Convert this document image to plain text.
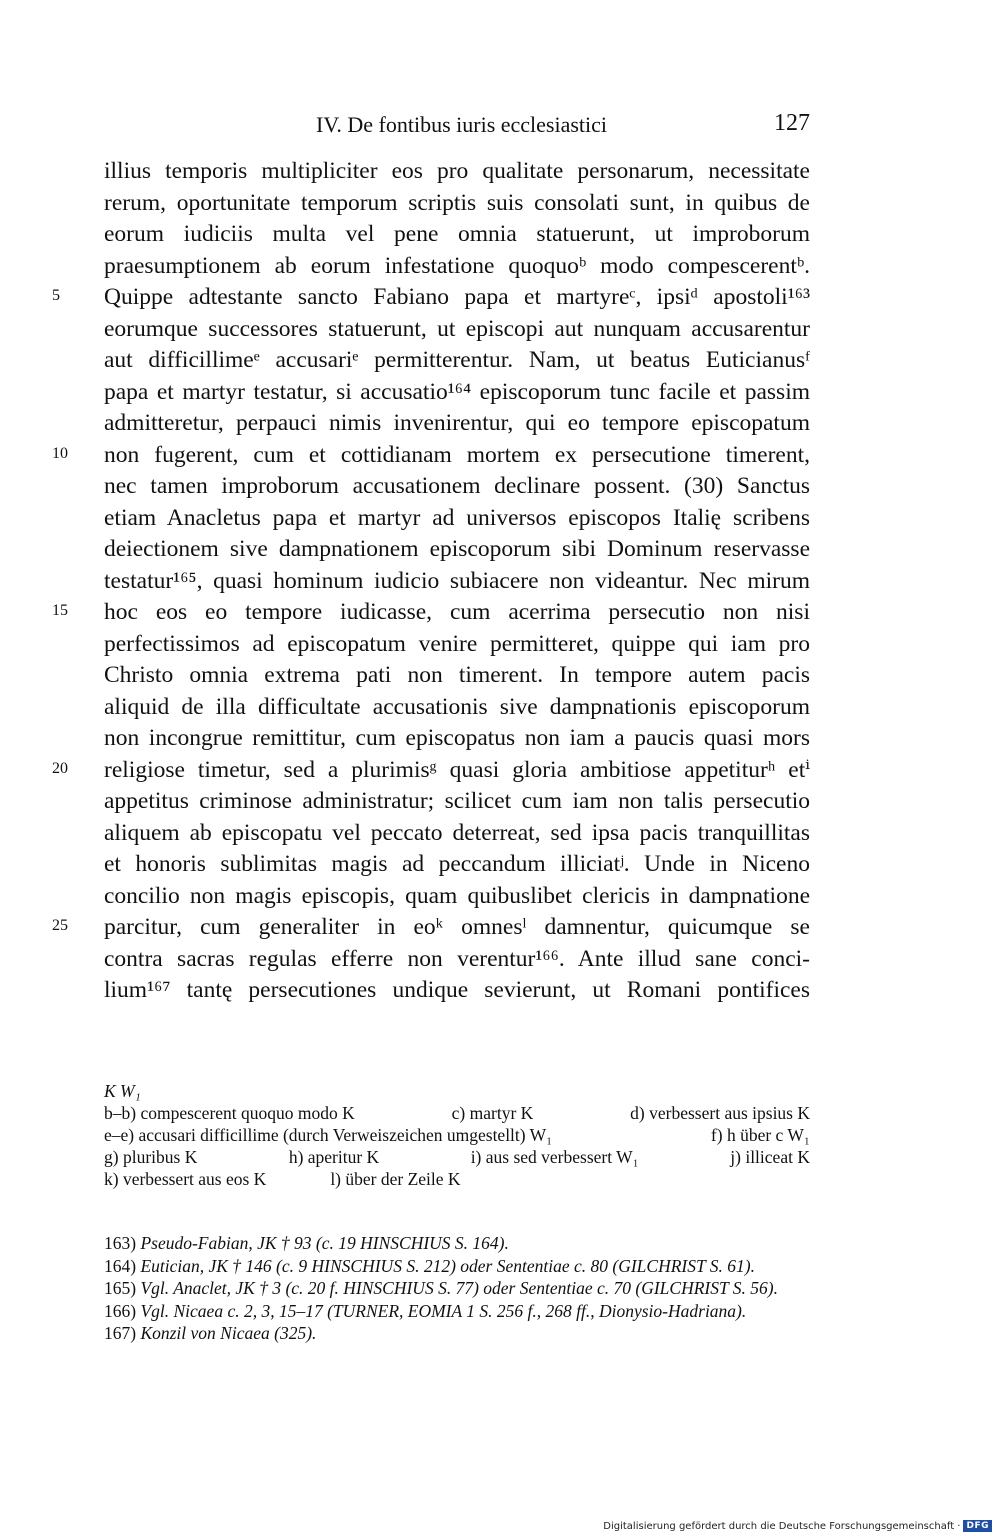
IV. De fontibus iuris ecclesiastici	127
5
10
15
20
25
illius temporis multipliciter eos pro qualitate personarum, necessitate
rerum, oportunitate temporum scriptis suis consolati sunt, in quibus de
eorum iudiciis multa vel pene omnia statuerunt, ut improborum
praesumptionem ab eorum infestatione quoquoᵇ modo compescerentᵇ.
Quippe adtestante sancto Fabiano papa et martyreᶜ, ipsiᵈ apostoli¹⁶³
eorumque successores statuerunt, ut episcopi aut nunquam accusarentur
aut difficillimeᵉ accusariᵉ permitterentur. Nam, ut beatus Euticianusᶠ
papa et martyr testatur, si accusatio¹⁶⁴ episcoporum tunc facile et passim
admitteretur, perpauci nimis invenirentur, qui eo tempore episcopatum
non fugerent, cum et cottidianam mortem ex persecutione timerent,
nec tamen improborum accusationem declinare possent. (30) Sanctus
etiam Anacletus papa et martyr ad universos episcopos Italię scribens
deiectionem sive dampnationem episcoporum sibi Dominum reservasse
testatur¹⁶⁵, quasi hominum iudicio subiacere non videantur. Nec mirum
hoc eos eo tempore iudicasse, cum acerrima persecutio non nisi
perfectissimos ad episcopatum venire permitteret, quippe qui iam pro
Christo omnia extrema pati non timerent. In tempore autem pacis
aliquid de illa difficultate accusationis sive dampnationis episcoporum
non incongrue remittitur, cum episcopatus non iam a paucis quasi mors
religiose timetur, sed a plurimisᵍ quasi gloria ambitiose appetiturʰ etⁱ
appetitus criminose administratur; scilicet cum iam non talis persecutio
aliquem ab episcopatu vel peccato deterreat, sed ipsa pacis tranquillitas
et honoris sublimitas magis ad peccandum illiciatʲ. Unde in Niceno
concilio non magis episcopis, quam quibuslibet clericis in dampnatione
parcitur, cum generaliter in eoᵏ omnesˡ damnentur, quicumque se
contra sacras regulas efferre non verentur¹⁶⁶. Ante illud sane conci-
lium¹⁶⁷ tantę persecutiones undique sevierunt, ut Romani pontifices
K W₁
b–b) compescerent quoquo modo K	c) martyr K	d) verbessert aus ipsius K
e–e) accusari difficillime (durch Verweiszeichen umgestellt) W₁	f) h über c W₁
g) pluribus K	h) aperitur K	i) aus sed verbessert W₁	j) illiceat K
k) verbessert aus eos K	l) über der Zeile K
163) Pseudo-Fabian, JK † 93 (c. 19 HINSCHIUS S. 164).
164) Eutician, JK † 146 (c. 9 HINSCHIUS S. 212) oder Sententiae c. 80 (GILCHRIST S. 61).
165) Vgl. Anaclet, JK † 3 (c. 20 f. HINSCHIUS S. 77) oder Sententiae c. 70 (GILCHRIST S. 56).
166) Vgl. Nicaea c. 2, 3, 15–17 (TURNER, EOMIA 1 S. 256 f., 268 ff., Dionysio-Hadriana).
167) Konzil von Nicaea (325).
Digitalisierung gefördert durch die Deutsche Forschungsgemeinschaft · DFG
